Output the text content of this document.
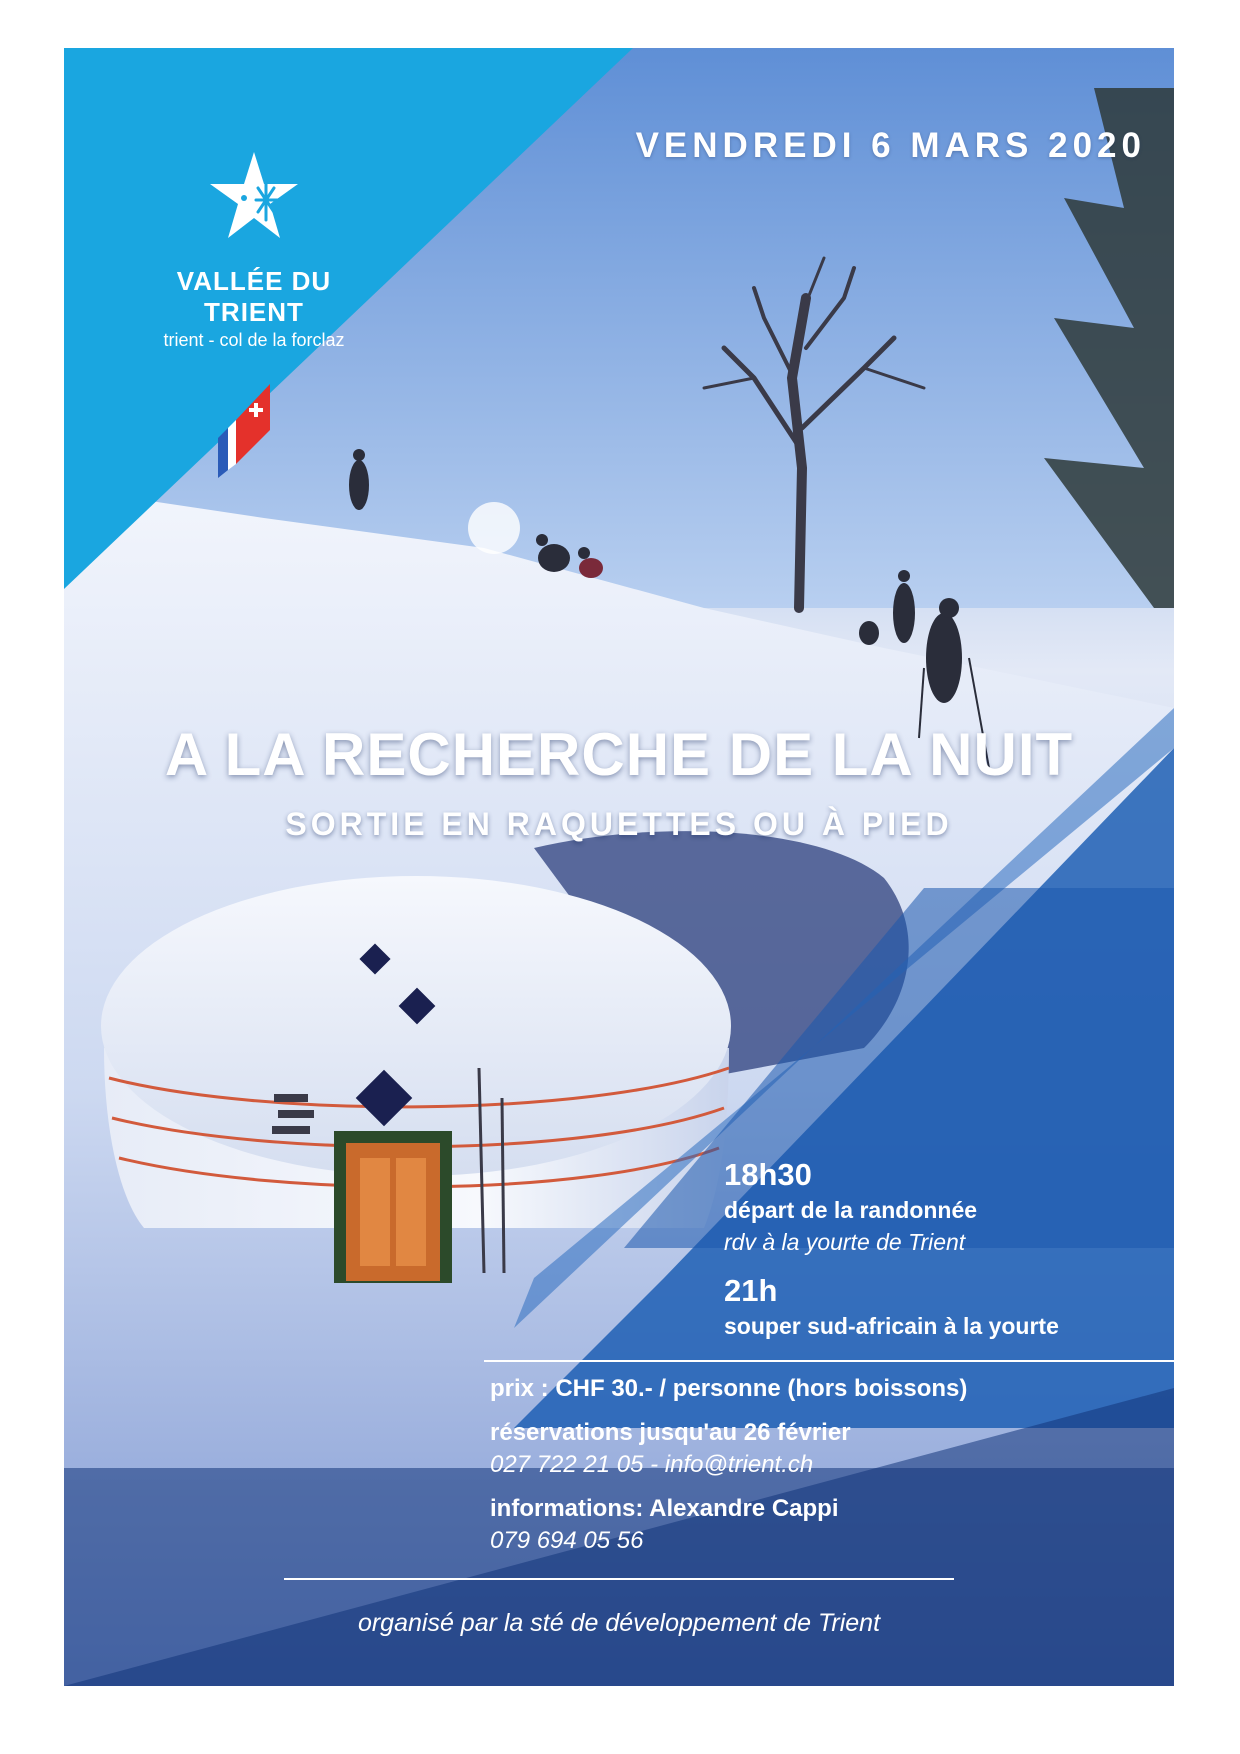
VALLÉE DU TRIENT
trient - col de la forclaz
VENDREDI 6 MARS 2020
A LA RECHERCHE DE LA NUIT
SORTIE EN RAQUETTES OU À PIED
18h30
départ de la randonnée
rdv à la yourte de Trient
21h
souper sud-africain à la yourte
prix : CHF 30.- / personne (hors boissons)
réservations jusqu'au 26 février
027 722 21 05 - info@trient.ch
informations: Alexandre Cappi
079 694 05 56
organisé par la sté de développement de Trient
